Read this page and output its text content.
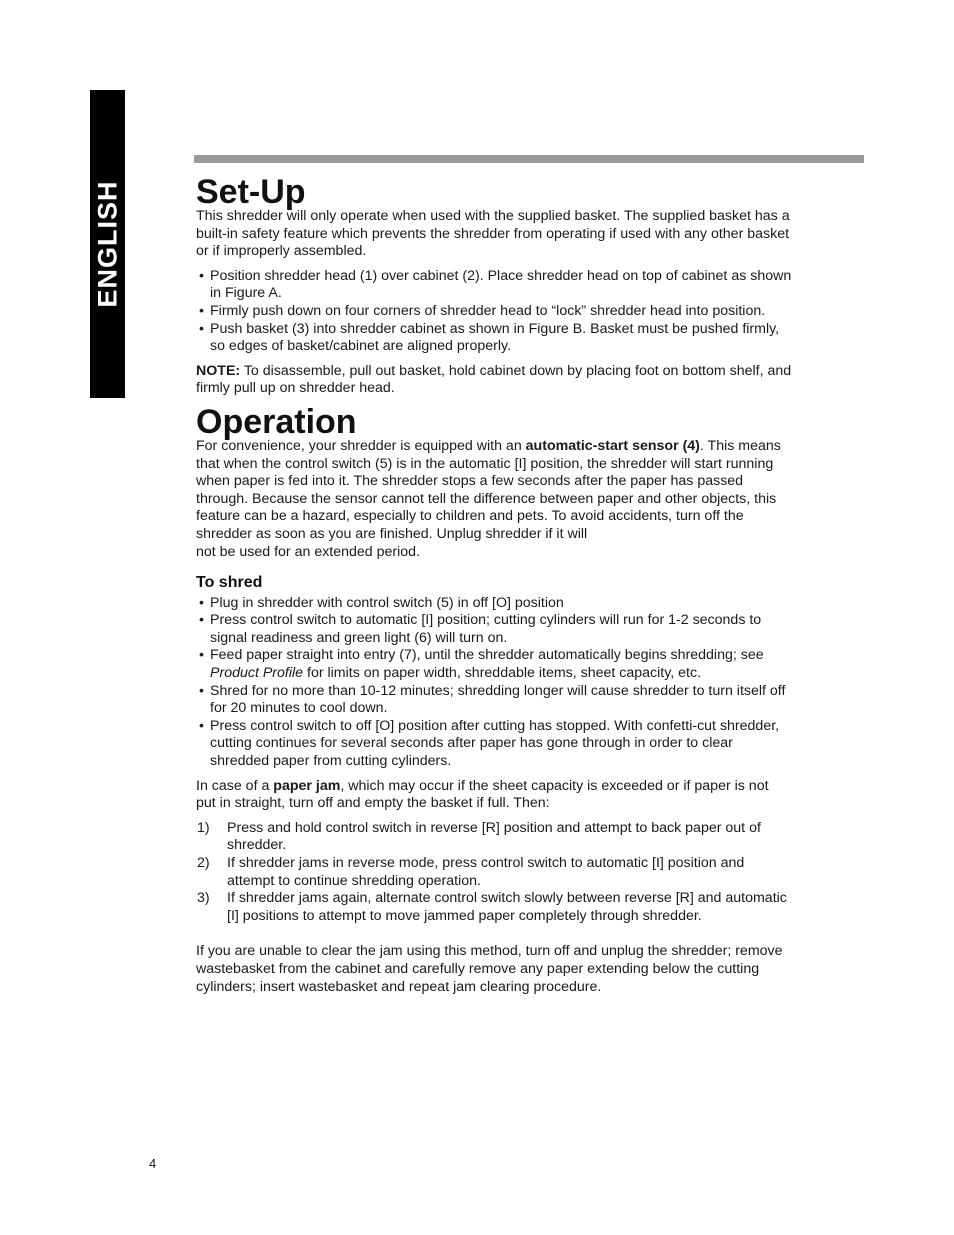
ENGLISH Set-Up

This shredder will only operate when used with the supplied basket. The supplied basket has a built-in safety feature which prevents the shredder from operating if used with any other basket or if improperly assembled.

• Position shredder head (1) over cabinet (2). Place shredder head on top of cabinet as shown in Figure A.
• Firmly push down on four corners of shredder head to “lock” shredder head into position.
• Push basket (3) into shredder cabinet as shown in Figure B. Basket must be pushed firmly, so edges of basket/cabinet are aligned properly.

NOTE: To disassemble, pull out basket, hold cabinet down by placing foot on bottom shelf, and firmly pull up on shredder head.

Operation

For convenience, your shredder is equipped with an automatic-start sensor (4). This means that when the control switch (5) is in the automatic [I] position, the shredder will start running when paper is fed into it. The shredder stops a few seconds after the paper has passed through. Because the sensor cannot tell the difference between paper and other objects, this feature can be a hazard, especially to children and pets. To avoid accidents, turn off the shredder as soon as you are finished. Unplug shredder if it will

not be used for an extended period.

To shred
• Plug in shredder with control switch (5) in off [O] position
• Press control switch to automatic [I] position; cutting cylinders will run for 1-2 seconds to signal readiness and green light (6) will turn on.
• Feed paper straight into entry (7), until the shredder automatically begins shredding; see Product Profile for limits on paper width, shreddable items, sheet capacity, etc.
• Shred for no more than 10-12 minutes; shredding longer will cause shredder to turn itself off for 20 minutes to cool down.
• Press control switch to off [O] position after cutting has stopped. With confetti-cut shredder, cutting continues for several seconds after paper has gone through in order to clear shredded paper from cutting cylinders.

In case of a paper jam, which may occur if the sheet capacity is exceeded or if paper is not put in straight, turn off and empty the basket if full. Then:

1) Press and hold control switch in reverse [R] position and attempt to back paper out of shredder.
2) If shredder jams in reverse mode, press control switch to automatic [I] position and attempt to continue shredding operation.
3) If shredder jams again, alternate control switch slowly between reverse [R] and automatic [I] positions to attempt to move jammed paper completely through shredder.

If you are unable to clear the jam using this method, turn off and unplug the shredder; remove wastebasket from the cabinet and carefully remove any paper extending below the cutting cylinders; insert wastebasket and repeat jam clearing procedure.

4
